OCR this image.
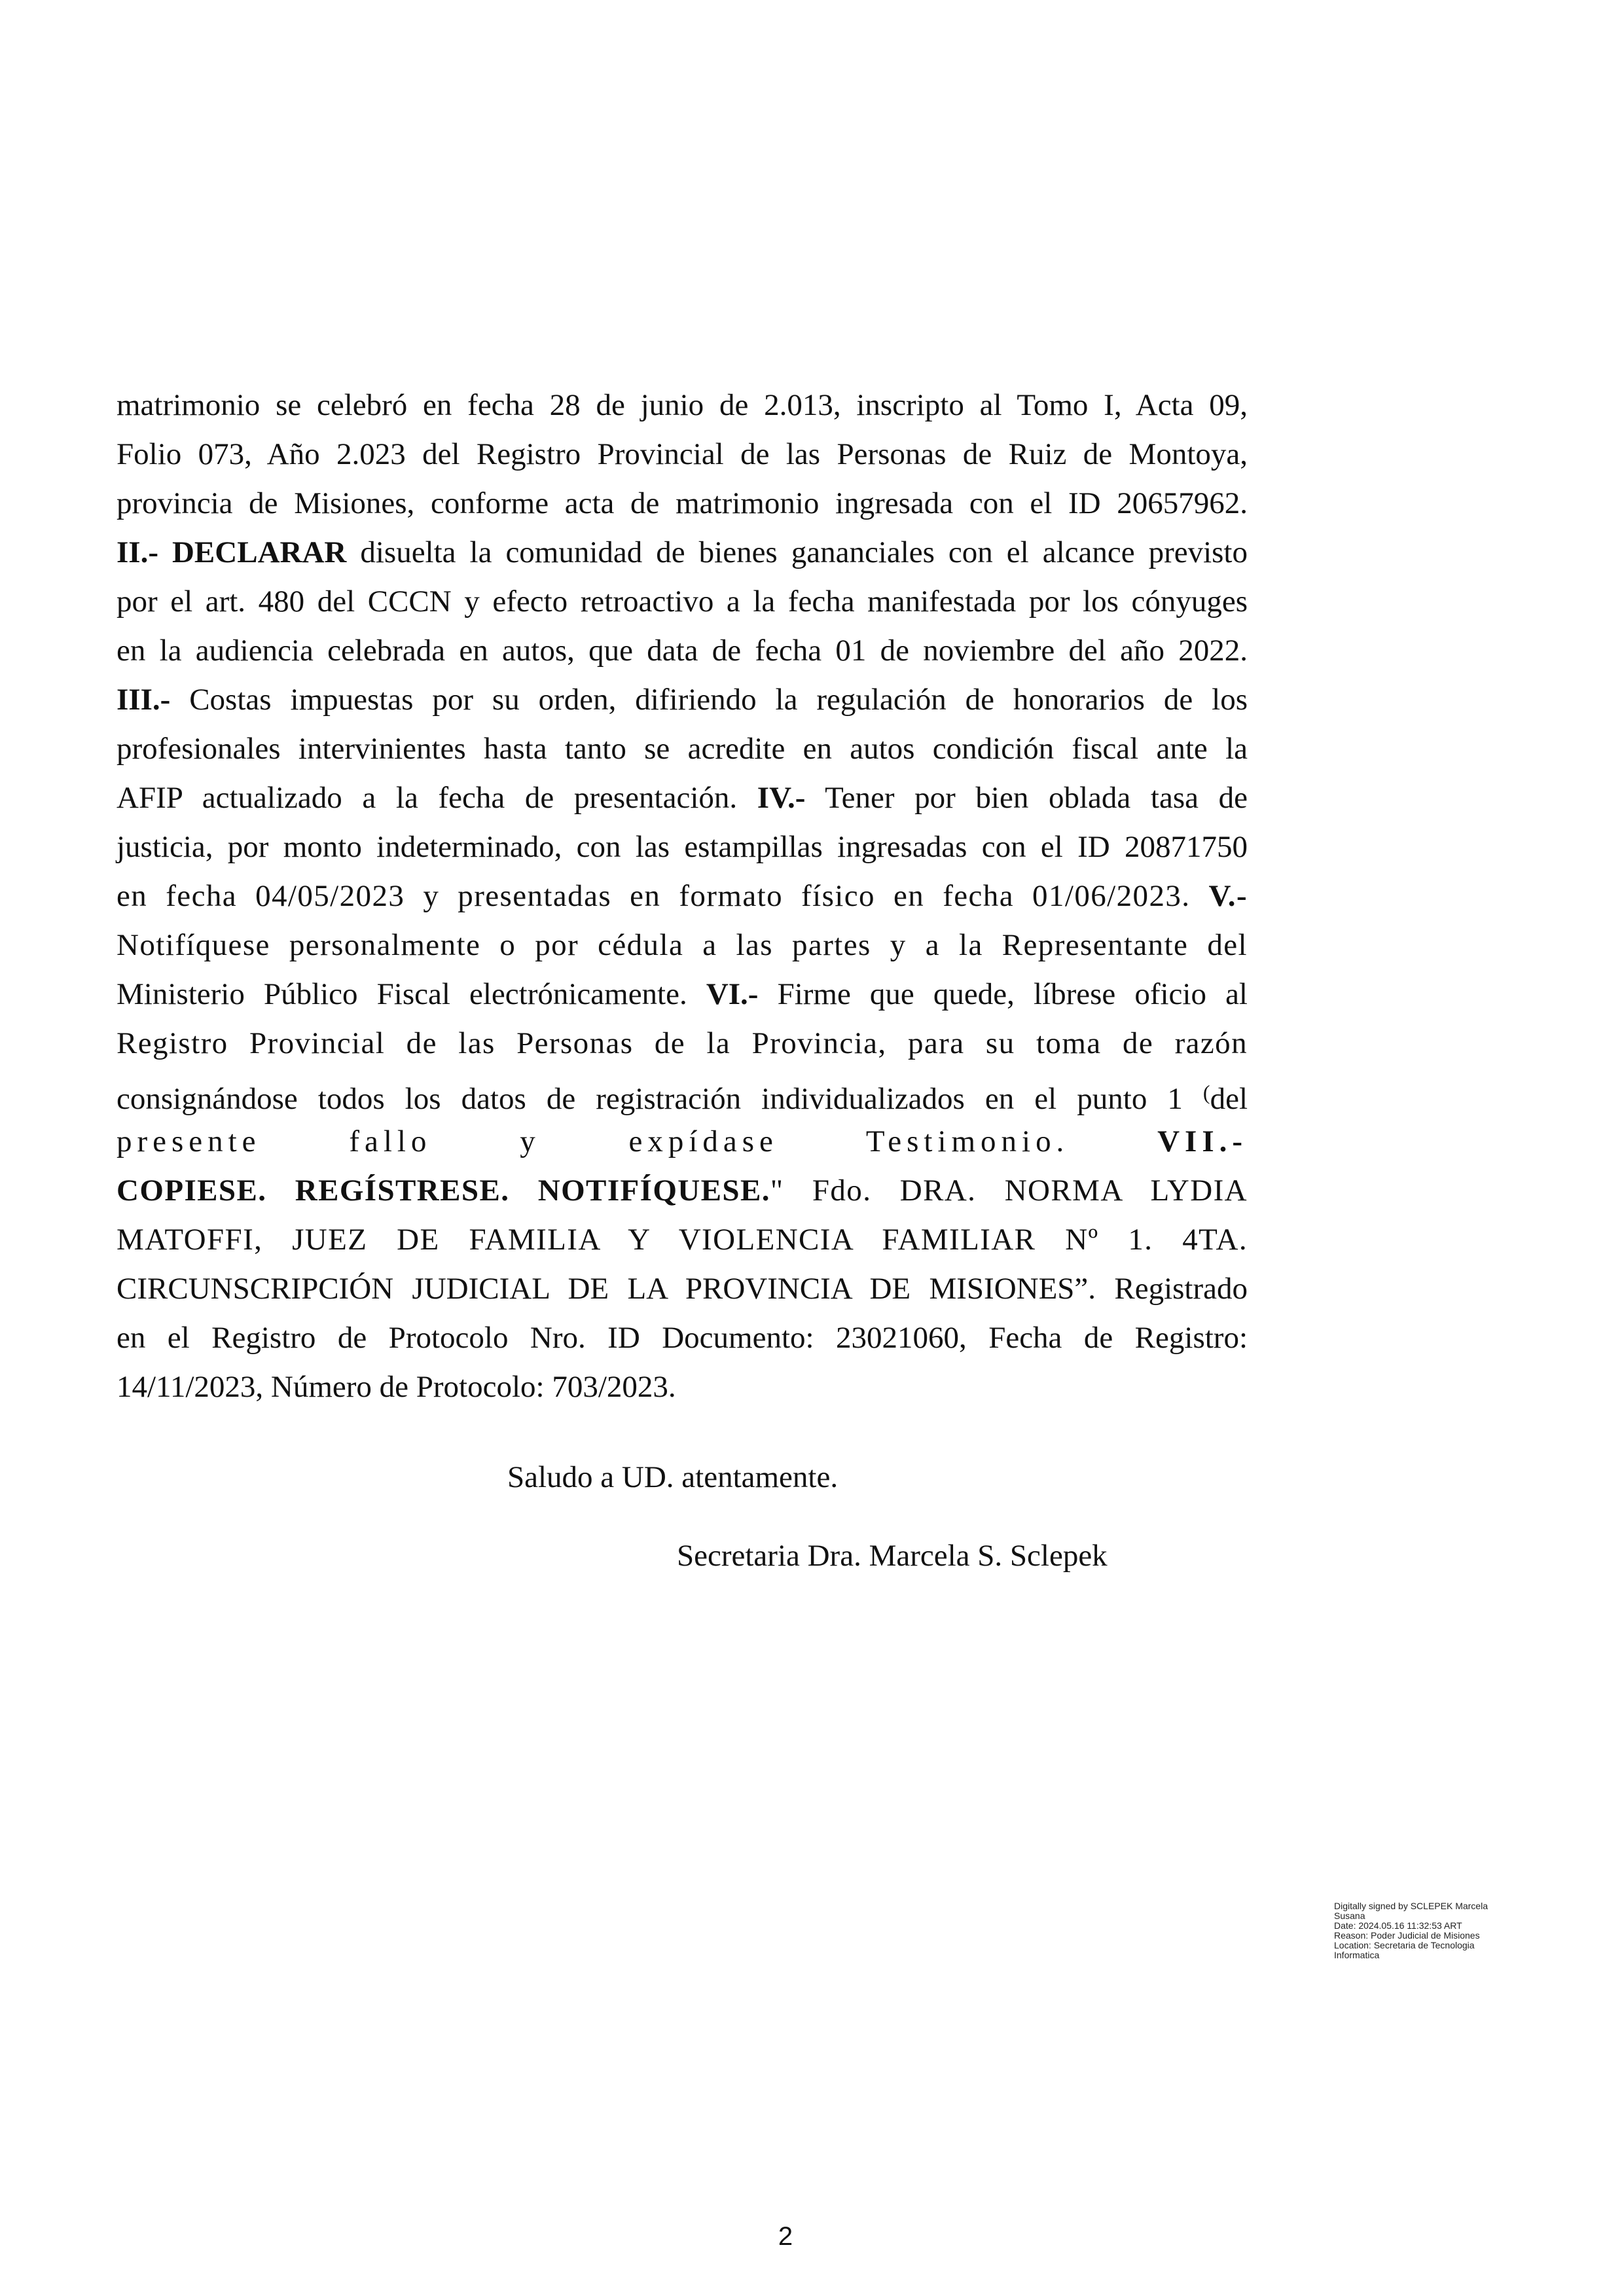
matrimonio se celebró en fecha 28 de junio de 2.013, inscripto al Tomo I, Acta 09,
Folio 073, Año 2.023 del Registro Provincial de las Personas de Ruiz de Montoya,
provincia de Misiones, conforme acta de matrimonio ingresada con el ID 20657962.
II.- DECLARAR disuelta la comunidad de bienes gananciales con el alcance previsto
por el art. 480 del CCCN y efecto retroactivo a la fecha manifestada por los cónyuges
en la audiencia celebrada en autos, que data de fecha 01 de noviembre del año 2022.
III.- Costas impuestas por su orden, difiriendo la regulación de honorarios de los
profesionales intervinientes hasta tanto se acredite en autos condición fiscal ante la
AFIP actualizado a la fecha de presentación. IV.- Tener por bien oblada tasa de
justicia, por monto indeterminado, con las estampillas ingresadas con el ID 20871750
en fecha 04/05/2023 y presentadas en formato físico en fecha 01/06/2023. V.-
Notifíquese personalmente o por cédula a las partes y a la Representante del
Ministerio Público Fiscal electrónicamente. VI.- Firme que quede, líbrese oficio al
Registro Provincial de las Personas de la Provincia, para su toma de razón
consignándose todos los datos de registración individualizados en el punto 1 (del
presente fallo y expídase Testimonio. VII.-
COPIESE. REGÍSTRESE. NOTIFÍQUESE." Fdo. DRA. NORMA LYDIA
MATOFFI, JUEZ DE FAMILIA Y VIOLENCIA FAMILIAR Nº 1. 4TA.
CIRCUNSCRIPCIÓN JUDICIAL DE LA PROVINCIA DE MISIONES”. Registrado
en el Registro de Protocolo Nro. ID Documento: 23021060, Fecha de Registro:
14/11/2023, Número de Protocolo: 703/2023.

Saludo a UD. atentamente.

Secretaria Dra. Marcela S. Sclepek

Digitally signed by SCLEPEK Marcela
Susana
Date: 2024.05.16 11:32:53 ART
Reason: Poder Judicial de Misiones
Location: Secretaria de Tecnologia
Informatica
2
